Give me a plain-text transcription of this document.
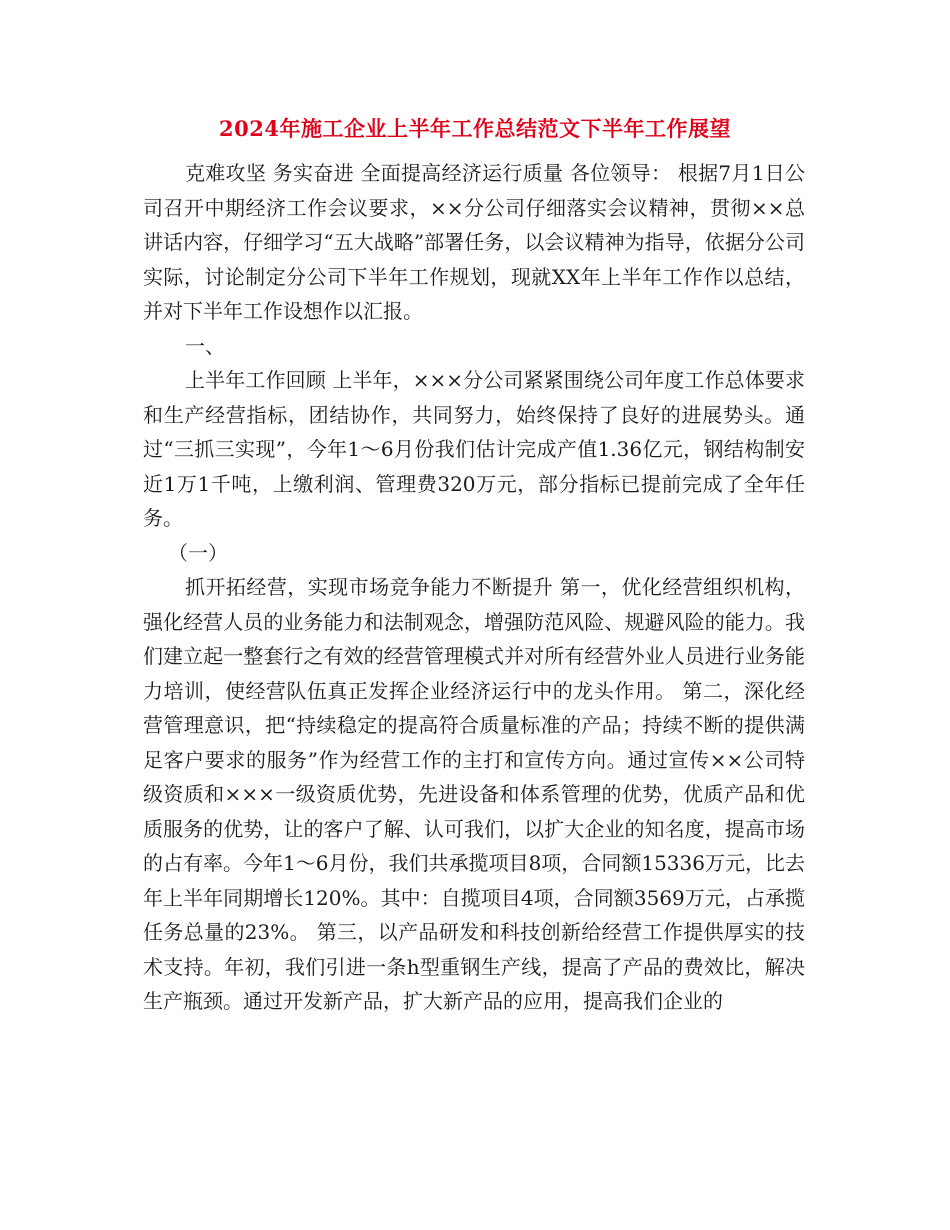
2024年施工企业上半年工作总结范文下半年工作展望

克难攻坚 务实奋进 全面提高经济运行质量 各位领导： 根据7月1日公司召开中期经济工作会议要求，××分公司仔细落实会议精神，贯彻××总讲话内容，仔细学习“五大战略”部署任务，以会议精神为指导，依据分公司实际，讨论制定分公司下半年工作规划，现就XX年上半年工作作以总结，并对下半年工作设想作以汇报。

一、

上半年工作回顾 上半年，×××分公司紧紧围绕公司年度工作总体要求和生产经营指标，团结协作，共同努力，始终保持了良好的进展势头。通过“三抓三实现”，今年1～6月份我们估计完成产值1.36亿元，钢结构制安近1万1千吨，上缴利润、管理费320万元，部分指标已提前完成了全年任务。

（一）

抓开拓经营，实现市场竞争能力不断提升 第一，优化经营组织机构，强化经营人员的业务能力和法制观念，增强防范风险、规避风险的能力。我们建立起一整套行之有效的经营管理模式并对所有经营外业人员进行业务能力培训，使经营队伍真正发挥企业经济运行中的龙头作用。 第二，深化经营管理意识，把“持续稳定的提高符合质量标准的产品；持续不断的提供满足客户要求的服务”作为经营工作的主打和宣传方向。通过宣传××公司特级资质和×××一级资质优势，先进设备和体系管理的优势，优质产品和优质服务的优势，让的客户了解、认可我们，以扩大企业的知名度，提高市场的占有率。今年1～6月份，我们共承揽项目8项，合同额15336万元，比去年上半年同期增长120%。其中：自揽项目4项，合同额3569万元，占承揽任务总量的23%。 第三，以产品研发和科技创新给经营工作提供厚实的技术支持。年初，我们引进一条h型重钢生产线，提高了产品的费效比，解决生产瓶颈。通过开发新产品，扩大新产品的应用，提高我们企业的
